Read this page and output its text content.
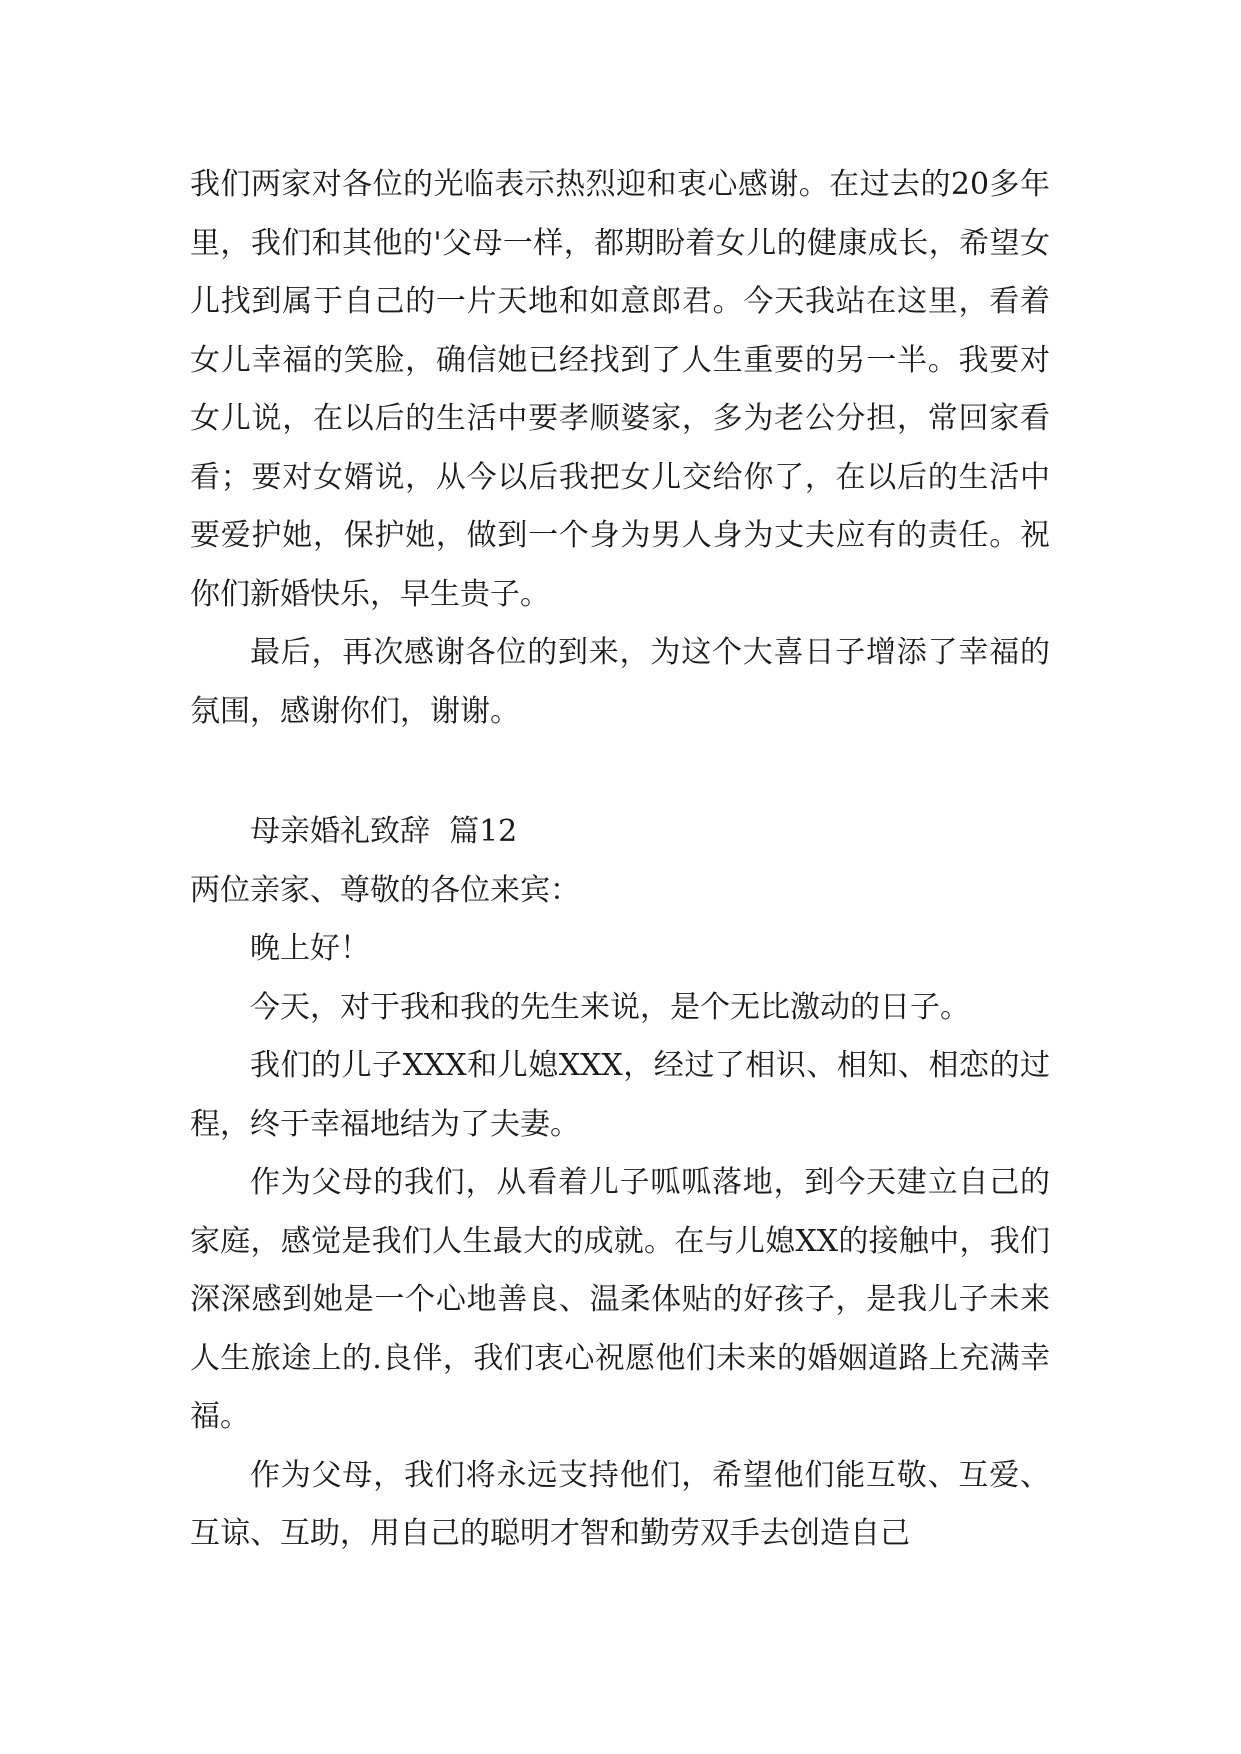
我们两家对各位的光临表示热烈迎和衷心感谢。在过去的20多年里，我们和其他的'父母一样，都期盼着女儿的健康成长，希望女儿找到属于自己的一片天地和如意郎君。今天我站在这里，看着女儿幸福的笑脸，确信她已经找到了人生重要的另一半。我要对女儿说，在以后的生活中要孝顺婆家，多为老公分担，常回家看看；要对女婿说，从今以后我把女儿交给你了，在以后的生活中要爱护她，保护她，做到一个身为男人身为丈夫应有的责任。祝你们新婚快乐，早生贵子。

最后，再次感谢各位的到来，为这个大喜日子增添了幸福的氛围，感谢你们，谢谢。

母亲婚礼致辞  篇12

两位亲家、尊敬的各位来宾：

晚上好！

今天，对于我和我的先生来说，是个无比激动的日子。

我们的儿子XXX和儿媳XXX，经过了相识、相知、相恋的过程，终于幸福地结为了夫妻。

作为父母的我们，从看着儿子呱呱落地，到今天建立自己的家庭，感觉是我们人生最大的成就。在与儿媳XX的接触中，我们深深感到她是一个心地善良、温柔体贴的好孩子，是我儿子未来人生旅途上的.良伴，我们衷心祝愿他们未来的婚姻道路上充满幸福。

作为父母，我们将永远支持他们，希望他们能互敬、互爱、互谅、互助，用自己的聪明才智和勤劳双手去创造自己
